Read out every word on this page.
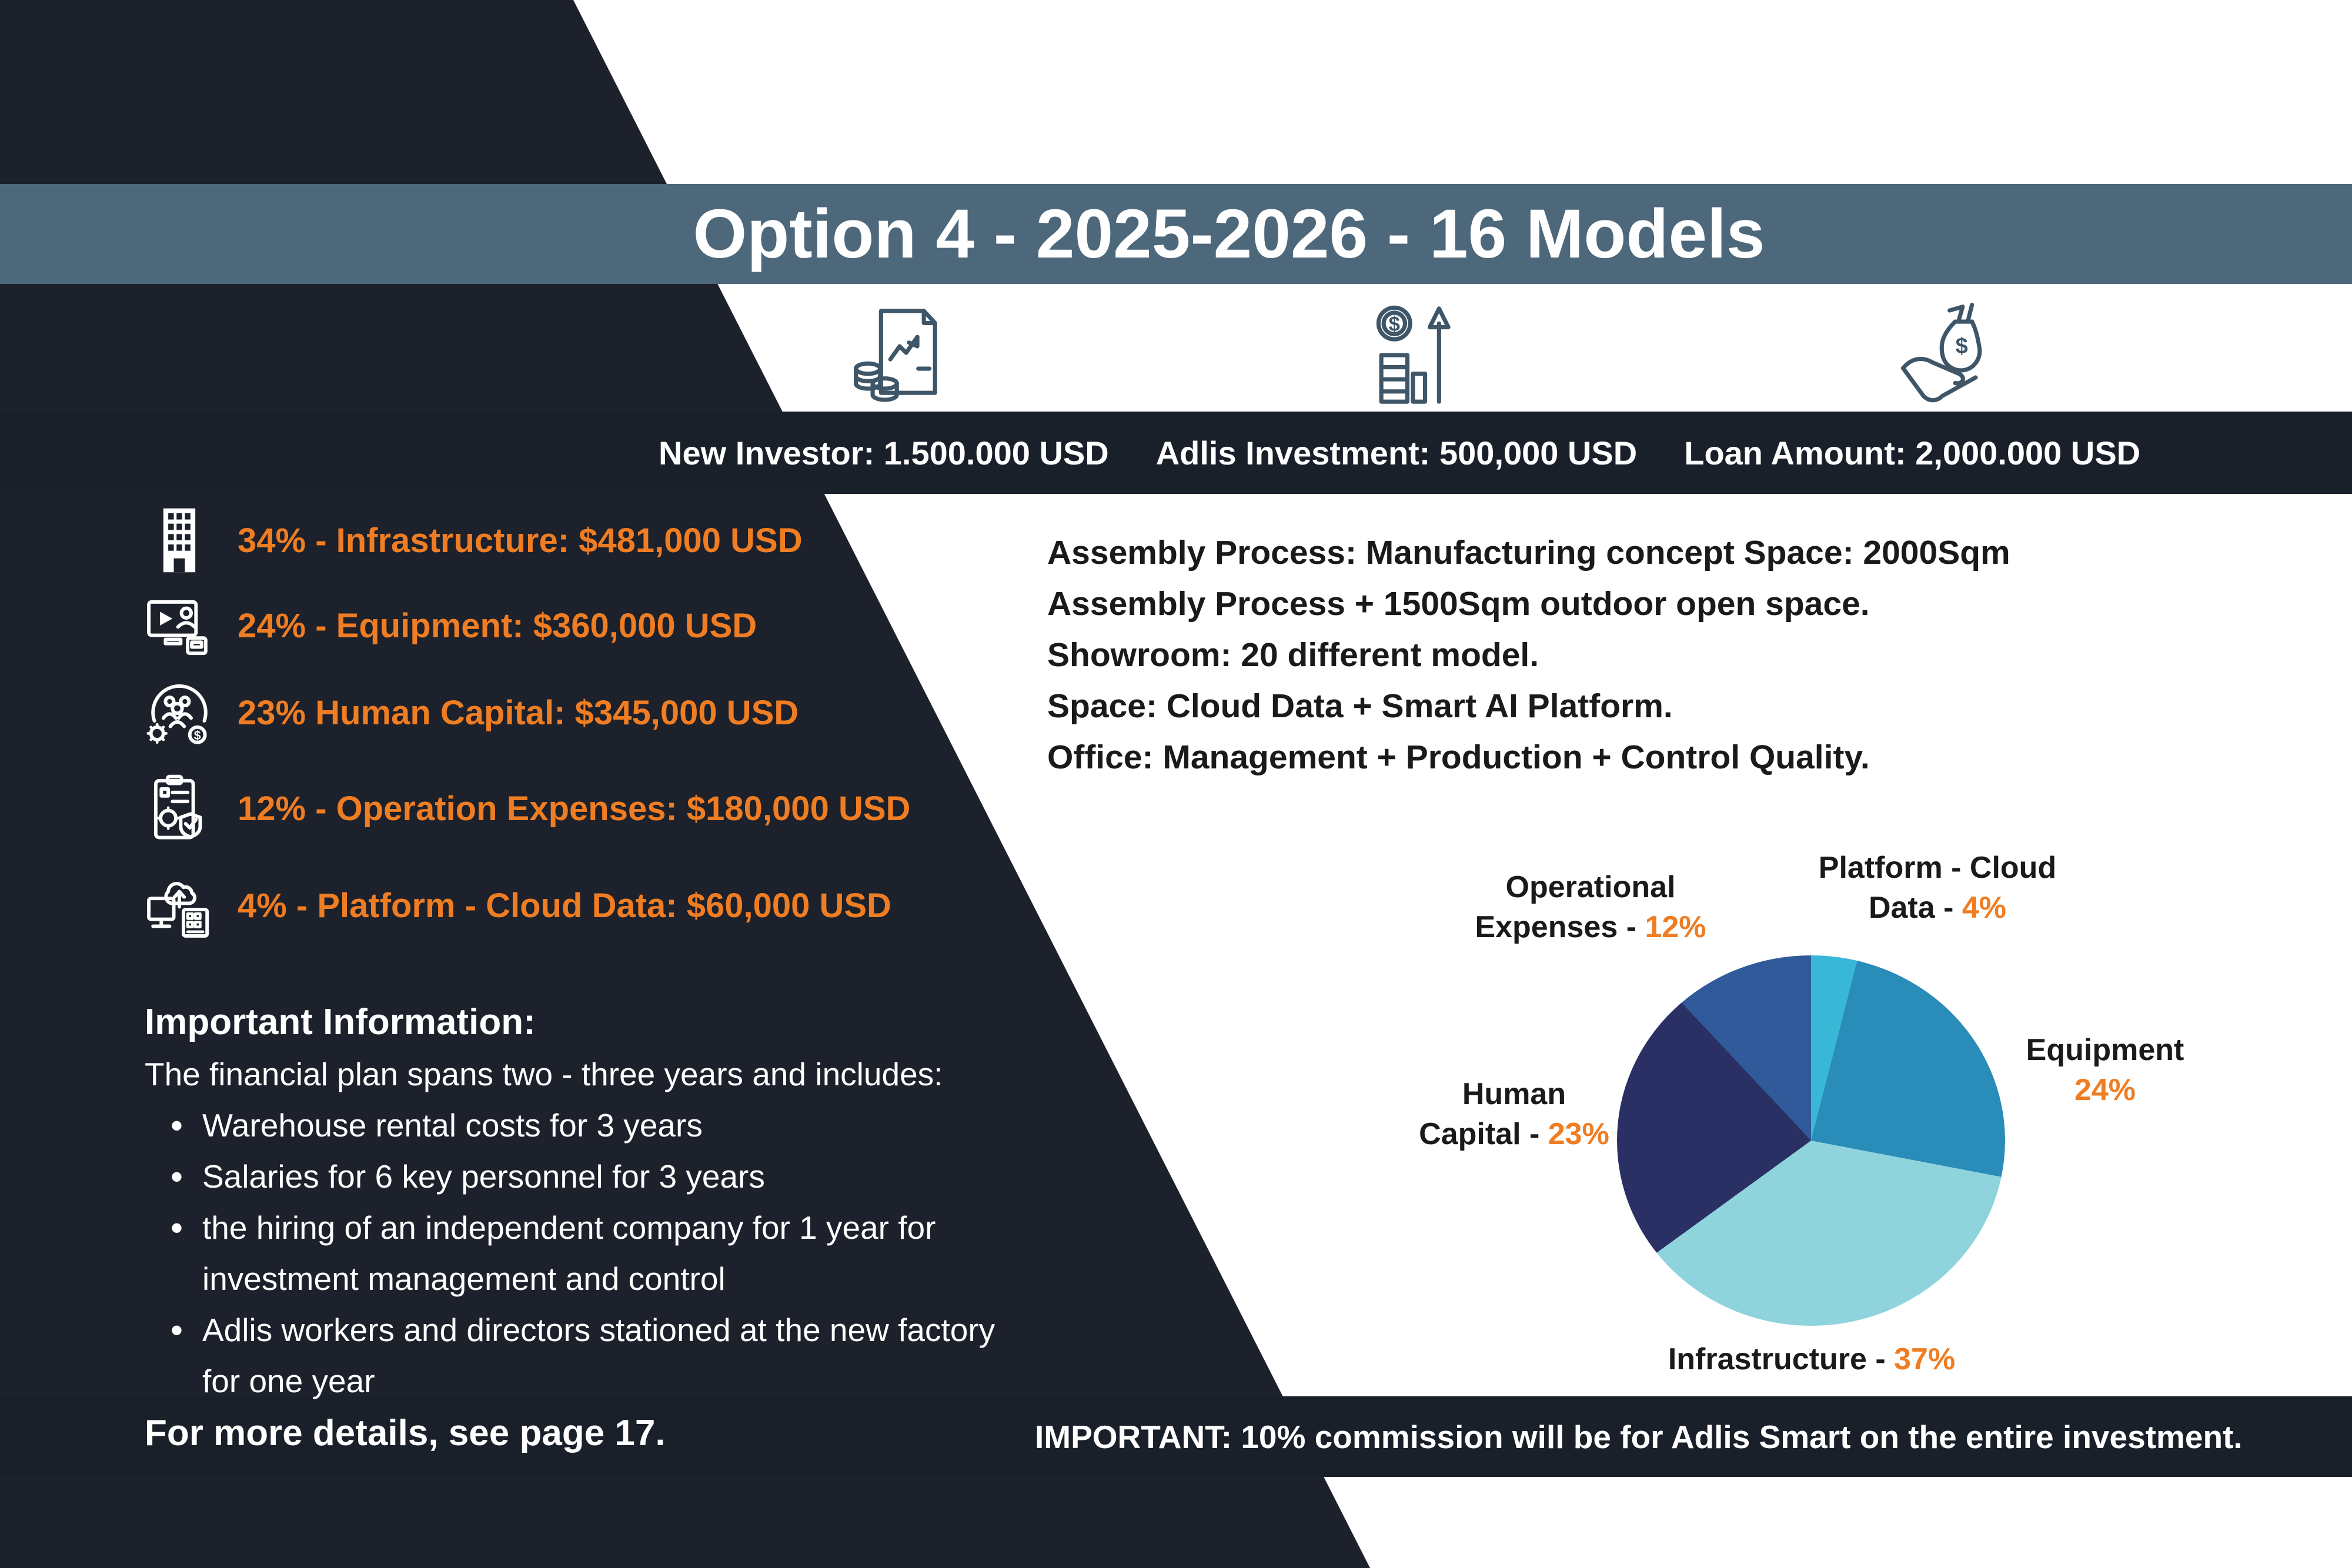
Option 4 - 2025-2026 - 16 Models
$
$
New Investor: 1.500.000 USD Adlis Investment: 500,000 USD Loan Amount: 2,000.000 USD
34% - Infrastructure: $481,000 USD
24% - Equipment: $360,000 USD
$
23% Human Capital: $345,000 USD
12% - Operation Expenses: $180,000 USD
4% - Platform - Cloud Data: $60,000 USD
Important Information:
The financial plan spans two - three years and includes:
• Warehouse rental costs for 3 years
• Salaries for 6 key personnel for 3 years
• the hiring of an independent company for 1 year for investment management and control
• Adlis workers and directors stationed at the new factory for one year
For more details, see page 17.
Assembly Process: Manufacturing concept Space: 2000Sqm
Assembly Process + 1500Sqm outdoor open space.
Showroom: 20 different model.
Space: Cloud Data + Smart AI Platform.
Office: Management + Production + Control Quality.
Platform - Cloud
Data - 4%
Operational
Expenses - 12%
Human
Capital - 23%
Equipment
24%
Infrastructure - 37%
IMPORTANT: 10% commission will be for Adlis Smart on the entire investment.
